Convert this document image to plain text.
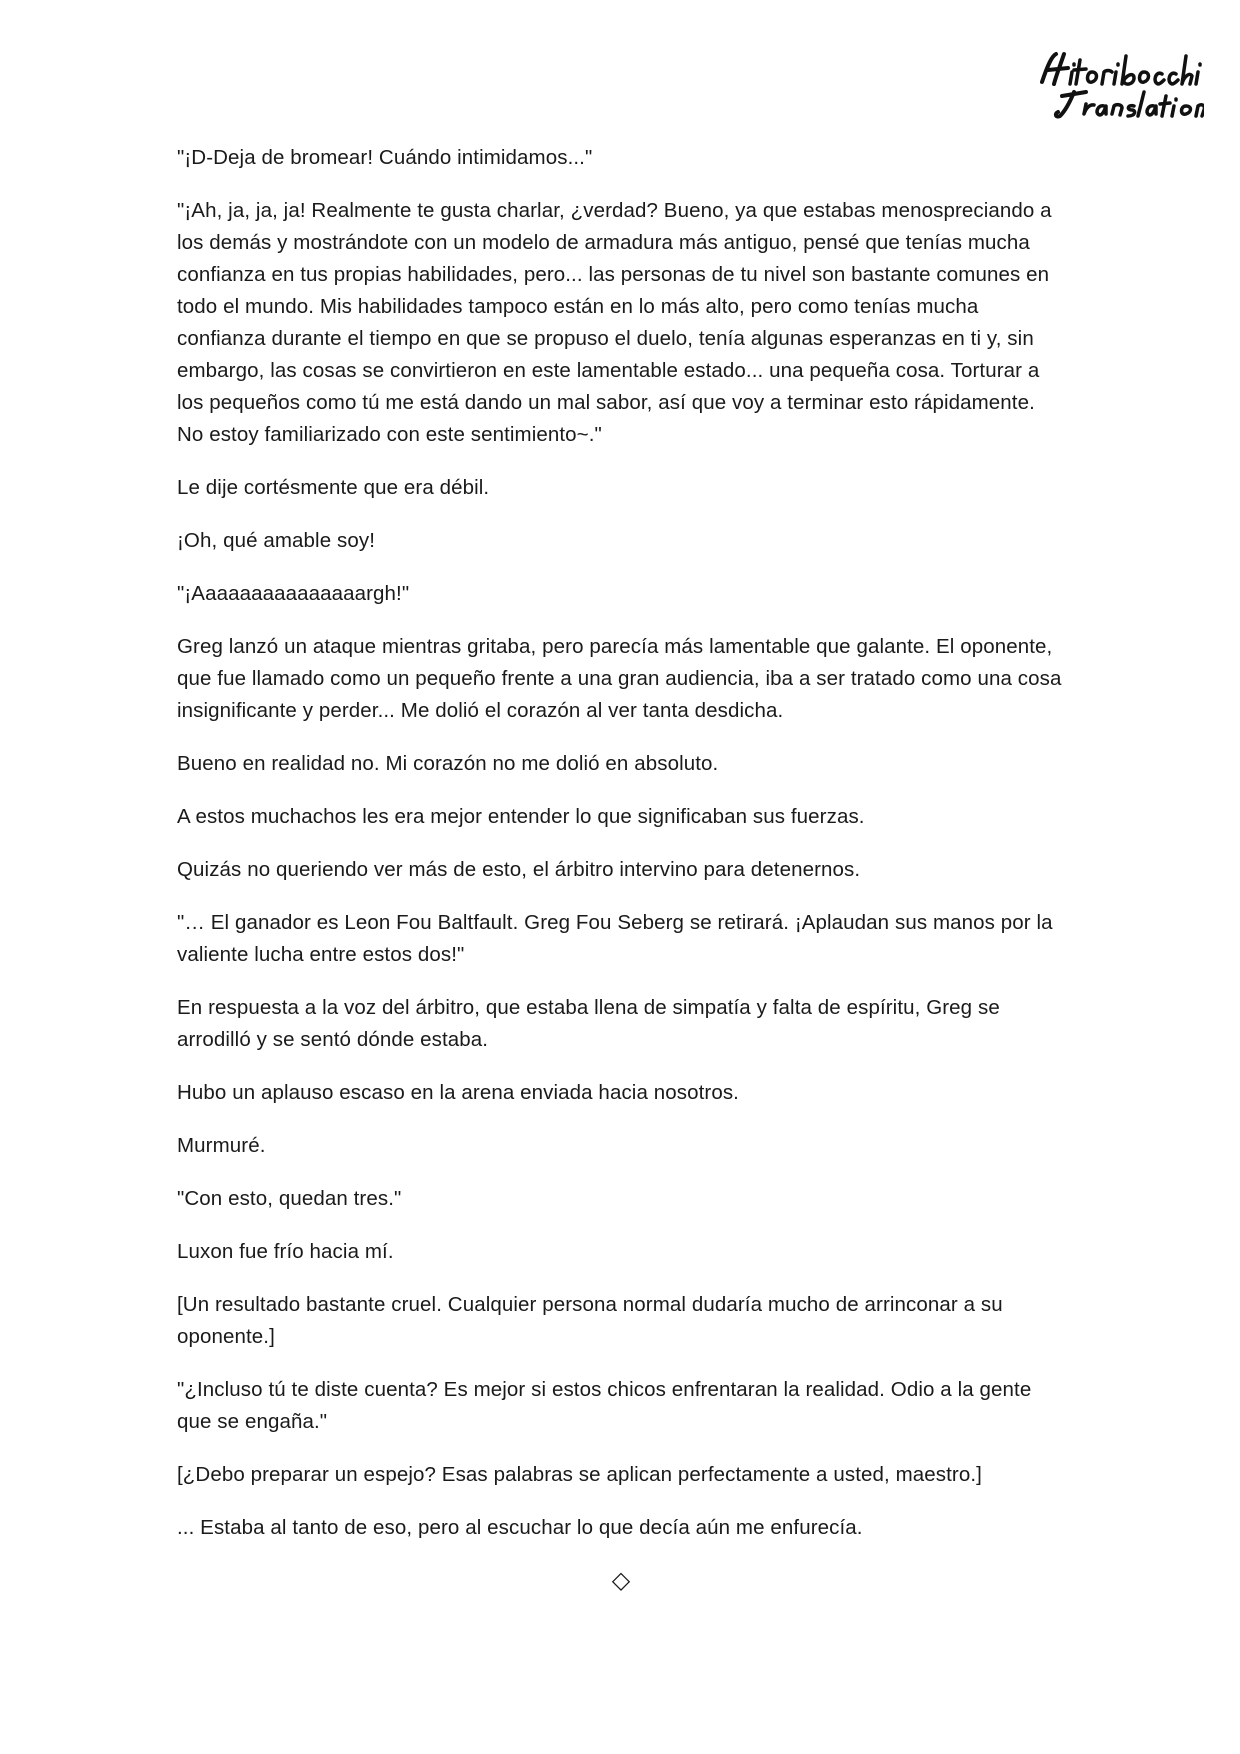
"¡D-Deja de bromear! Cuándo intimidamos..."

"¡Ah, ja, ja, ja! Realmente te gusta charlar, ¿verdad? Bueno, ya que estabas menospreciando a los demás y mostrándote con un modelo de armadura más antiguo, pensé que tenías mucha confianza en tus propias habilidades, pero... las personas de tu nivel son bastante comunes en todo el mundo. Mis habilidades tampoco están en lo más alto, pero como tenías mucha confianza durante el tiempo en que se propuso el duelo, tenía algunas esperanzas en ti y, sin embargo, las cosas se convirtieron en este lamentable estado... una pequeña cosa. Torturar a los pequeños como tú me está dando un mal sabor, así que voy a terminar esto rápidamente. No estoy familiarizado con este sentimiento~."

Le dije cortésmente que era débil.

¡Oh, qué amable soy!

"¡Aaaaaaaaaaaaaaargh!"

Greg lanzó un ataque mientras gritaba, pero parecía más lamentable que galante. El oponente, que fue llamado como un pequeño frente a una gran audiencia, iba a ser tratado como una cosa insignificante y perder... Me dolió el corazón al ver tanta desdicha.

Bueno en realidad no. Mi corazón no me dolió en absoluto.

A estos muchachos les era mejor entender lo que significaban sus fuerzas.

Quizás no queriendo ver más de esto, el árbitro intervino para detenernos.

"… El ganador es Leon Fou Baltfault. Greg Fou Seberg se retirará. ¡Aplaudan sus manos por la valiente lucha entre estos dos!"

En respuesta a la voz del árbitro, que estaba llena de simpatía y falta de espíritu, Greg se arrodilló y se sentó dónde estaba.

Hubo un aplauso escaso en la arena enviada hacia nosotros.

Murmuré.

"Con esto, quedan tres."

Luxon fue frío hacia mí.

[Un resultado bastante cruel. Cualquier persona normal dudaría mucho de arrinconar a su oponente.]

"¿Incluso tú te diste cuenta? Es mejor si estos chicos enfrentaran la realidad. Odio a la gente que se engaña."

[¿Debo preparar un espejo? Esas palabras se aplican perfectamente a usted, maestro.]

... Estaba al tanto de eso, pero al escuchar lo que decía aún me enfurecía.

◇
